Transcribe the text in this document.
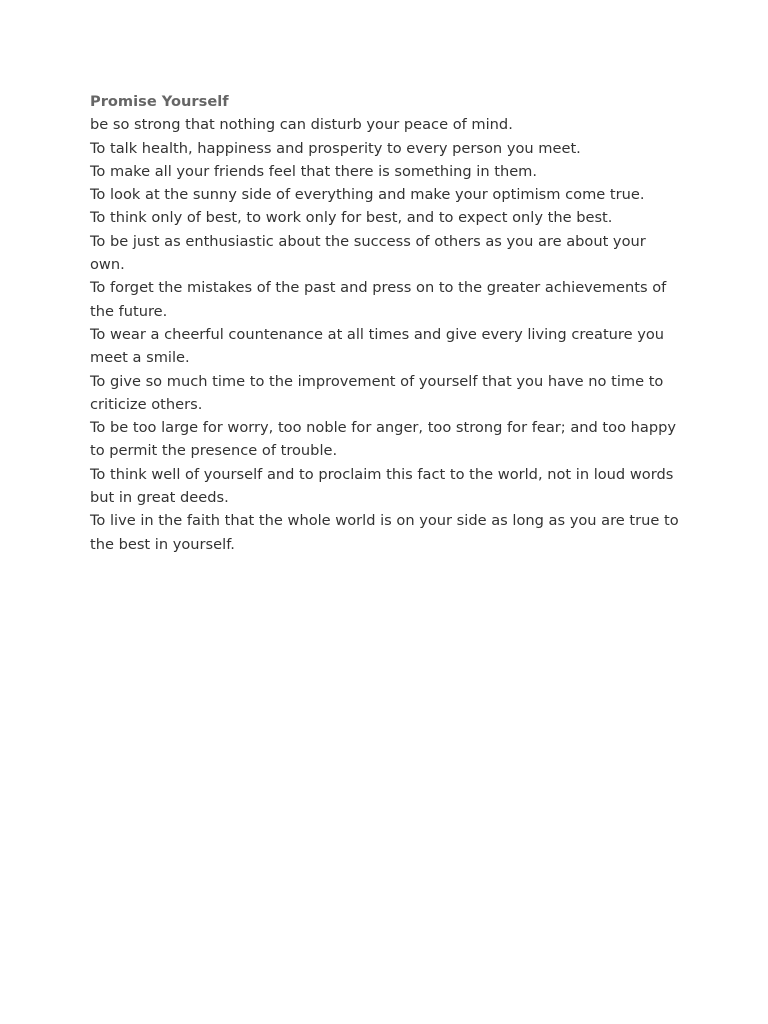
Promise Yourself

be so strong that nothing can disturb your peace of mind.

To talk health, happiness and prosperity to every person you meet.

To make all your friends feel that there is something in them.

To look at the sunny side of everything and make your optimism come true.

To think only of best, to work only for best, and to expect only the best.

To be just as enthusiastic about the success of others as you are about your own.

To forget the mistakes of the past and press on to the greater achievements of the future.

To wear a cheerful countenance at all times and give every living creature you meet a smile.

To give so much time to the improvement of yourself that you have no time to criticize others.

To be too large for worry, too noble for anger, too strong for fear; and too happy to permit the presence of trouble.

To think well of yourself and to proclaim this fact to the world, not in loud words but in great deeds.

To live in the faith that the whole world is on your side as long as you are true to the best in yourself.
